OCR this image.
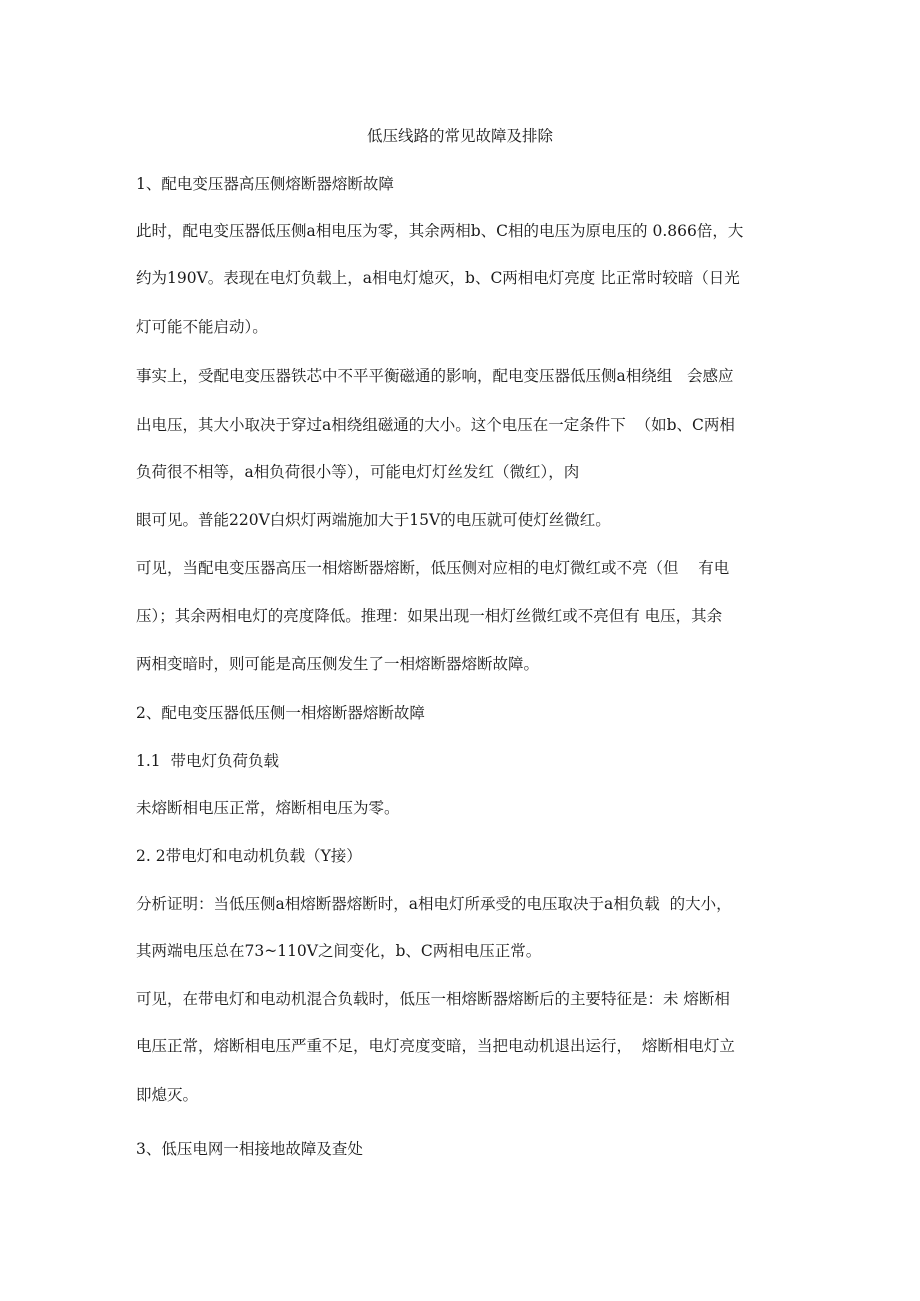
低压线路的常见故障及排除
1、配电变压器高压侧熔断器熔断故障
此时，配电变压器低压侧a相电压为零，其余两相b、C相的电压为原电压的 0.866倍，大
约为190V。表现在电灯负载上，a相电灯熄灭，b、C两相电灯亮度 比正常时较暗（日光
灯可能不能启动）。
事实上，受配电变压器铁芯中不平平衡磁通的影响，配电变压器低压侧a相绕组   会感应
出电压，其大小取决于穿过a相绕组磁通的大小。这个电压在一定条件下  （如b、C两相
负荷很不相等，a相负荷很小等），可能电灯灯丝发红（微红），肉
眼可见。普能220V白炽灯两端施加大于15V的电压就可使灯丝微红。
可见，当配电变压器高压一相熔断器熔断，低压侧对应相的电灯微红或不亮（但    有电
压）；其余两相电灯的亮度降低。推理：如果出现一相灯丝微红或不亮但有 电压，其余
两相变暗时，则可能是高压侧发生了一相熔断器熔断故障。
2、配电变压器低压侧一相熔断器熔断故障
1.1  带电灯负荷负载
未熔断相电压正常，熔断相电压为零。
2. 2带电灯和电动机负载（Y接）
分析证明：当低压侧a相熔断器熔断时，a相电灯所承受的电压取决于a相负载  的大小，
其两端电压总在73~110V之间变化，b、C两相电压正常。
可见，在带电灯和电动机混合负载时，低压一相熔断器熔断后的主要特征是：未 熔断相
电压正常，熔断相电压严重不足，电灯亮度变暗，当把电动机退出运行，  熔断相电灯立
即熄灭。
3、低压电网一相接地故障及查处
